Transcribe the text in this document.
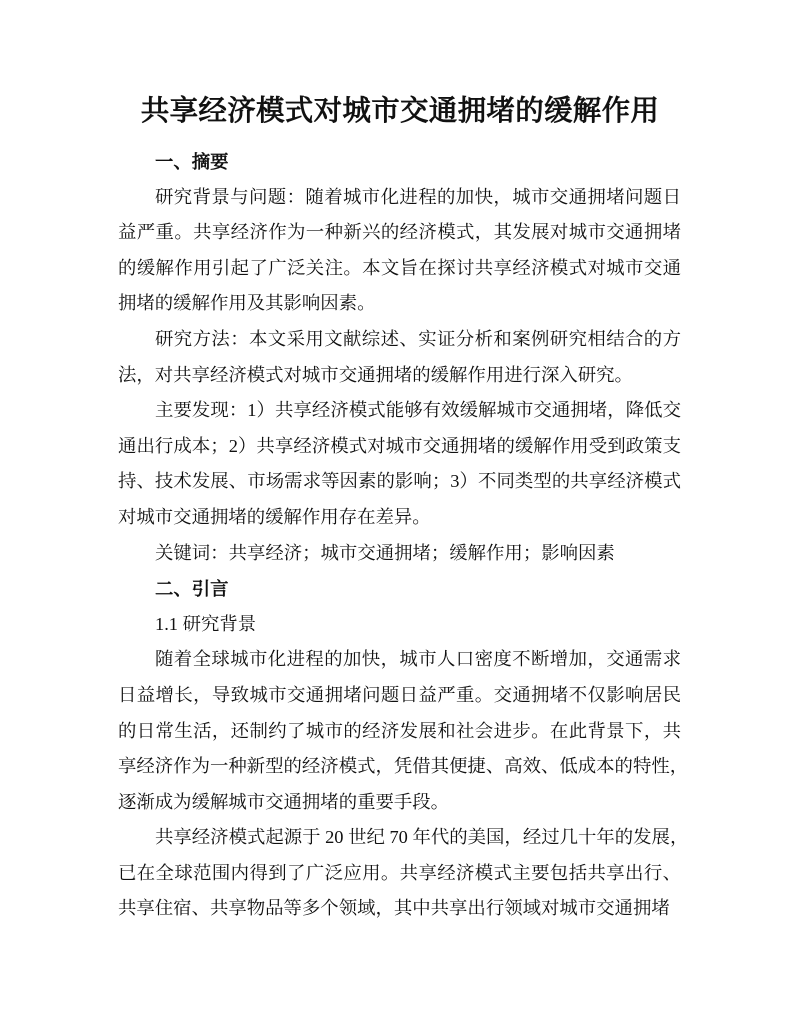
共享经济模式对城市交通拥堵的缓解作用
一、摘要
研究背景与问题：随着城市化进程的加快，城市交通拥堵问题日
益严重。共享经济作为一种新兴的经济模式，其发展对城市交通拥堵
的缓解作用引起了广泛关注。本文旨在探讨共享经济模式对城市交通
拥堵的缓解作用及其影响因素。
研究方法：本文采用文献综述、实证分析和案例研究相结合的方
法，对共享经济模式对城市交通拥堵的缓解作用进行深入研究。
主要发现：1）共享经济模式能够有效缓解城市交通拥堵，降低交
通出行成本；2）共享经济模式对城市交通拥堵的缓解作用受到政策支
持、技术发展、市场需求等因素的影响；3）不同类型的共享经济模式
对城市交通拥堵的缓解作用存在差异。
关键词：共享经济；城市交通拥堵；缓解作用；影响因素
二、引言
1.1 研究背景
随着全球城市化进程的加快，城市人口密度不断增加，交通需求
日益增长，导致城市交通拥堵问题日益严重。交通拥堵不仅影响居民
的日常生活，还制约了城市的经济发展和社会进步。在此背景下，共
享经济作为一种新型的经济模式，凭借其便捷、高效、低成本的特性，
逐渐成为缓解城市交通拥堵的重要手段。
共享经济模式起源于 20 世纪 70 年代的美国，经过几十年的发展，
已在全球范围内得到了广泛应用。共享经济模式主要包括共享出行、
共享住宿、共享物品等多个领域，其中共享出行领域对城市交通拥堵
